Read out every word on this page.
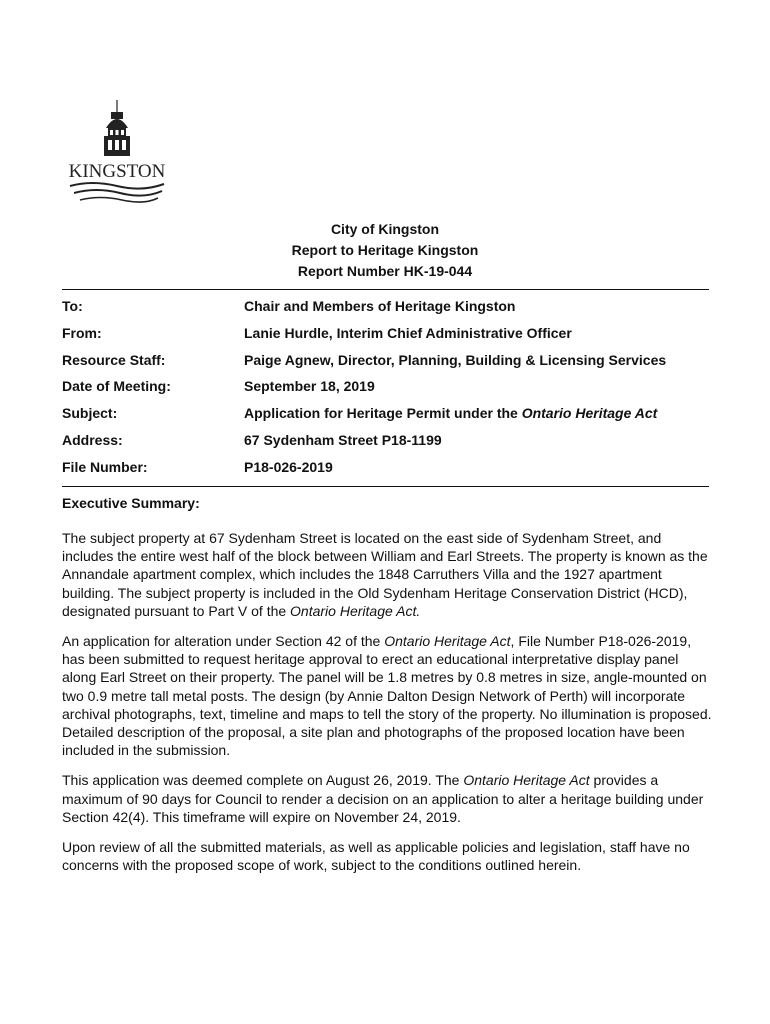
KINGSTON
City of Kingston
Report to Heritage Kingston
Report Number HK-19-044
To:	Chair and Members of Heritage Kingston
From:	Lanie Hurdle, Interim Chief Administrative Officer
Resource Staff:	Paige Agnew, Director, Planning, Building & Licensing Services
Date of Meeting:	September 18, 2019
Subject:	Application for Heritage Permit under the Ontario Heritage Act
Address:	67 Sydenham Street P18-1199
File Number:	P18-026-2019
Executive Summary:

The subject property at 67 Sydenham Street is located on the east side of Sydenham Street, and includes the entire west half of the block between William and Earl Streets. The property is known as the Annandale apartment complex, which includes the 1848 Carruthers Villa and the 1927 apartment building. The subject property is included in the Old Sydenham Heritage Conservation District (HCD), designated pursuant to Part V of the Ontario Heritage Act.

An application for alteration under Section 42 of the Ontario Heritage Act, File Number P18-026-2019, has been submitted to request heritage approval to erect an educational interpretative display panel along Earl Street on their property. The panel will be 1.8 metres by 0.8 metres in size, angle-mounted on two 0.9 metre tall metal posts. The design (by Annie Dalton Design Network of Perth) will incorporate archival photographs, text, timeline and maps to tell the story of the property. No illumination is proposed. Detailed description of the proposal, a site plan and photographs of the proposed location have been included in the submission.

This application was deemed complete on August 26, 2019. The Ontario Heritage Act provides a maximum of 90 days for Council to render a decision on an application to alter a heritage building under Section 42(4). This timeframe will expire on November 24, 2019.

Upon review of all the submitted materials, as well as applicable policies and legislation, staff have no concerns with the proposed scope of work, subject to the conditions outlined herein.
